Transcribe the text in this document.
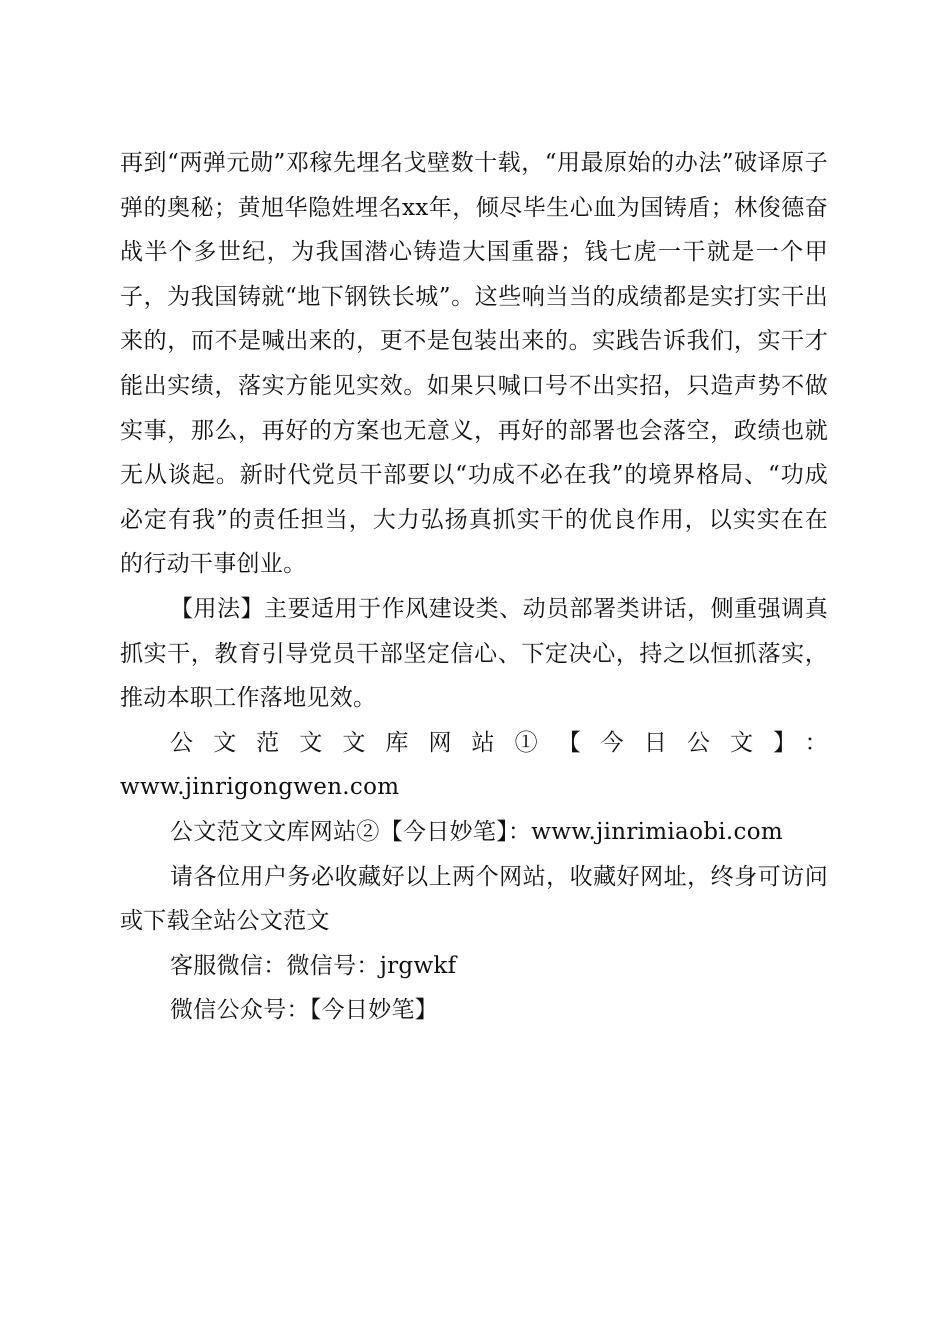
再到“两弹元勋”邓稼先埋名戈壁数十载，“用最原始的办法”破译原子弹的奥秘；黄旭华隐姓埋名xx年，倾尽毕生心血为国铸盾；林俊德奋战半个多世纪，为我国潜心铸造大国重器；钱七虎一干就是一个甲子，为我国铸就“地下钢铁长城”。这些响当当的成绩都是实打实干出来的，而不是喊出来的，更不是包装出来的。实践告诉我们，实干才能出实绩，落实方能见实效。如果只喊口号不出实招，只造声势不做实事，那么，再好的方案也无意义，再好的部署也会落空，政绩也就无从谈起。新时代党员干部要以“功成不必在我”的境界格局、“功成必定有我”的责任担当，大力弘扬真抓实干的优良作用，以实实在在的行动干事创业。

【用法】主要适用于作风建设类、动员部署类讲话，侧重强调真抓实干，教育引导党员干部坚定信心、下定决心，持之以恒抓落实，推动本职工作落地见效。

公文范文文库网站①【今日公文】：

www.jinrigongwen.com

公文范文文库网站②【今日妙笔】：www.jinrimiaobi.com

请各位用户务必收藏好以上两个网站，收藏好网址，终身可访问或下载全站公文范文

客服微信：微信号：jrgwkf

微信公众号：【今日妙笔】
